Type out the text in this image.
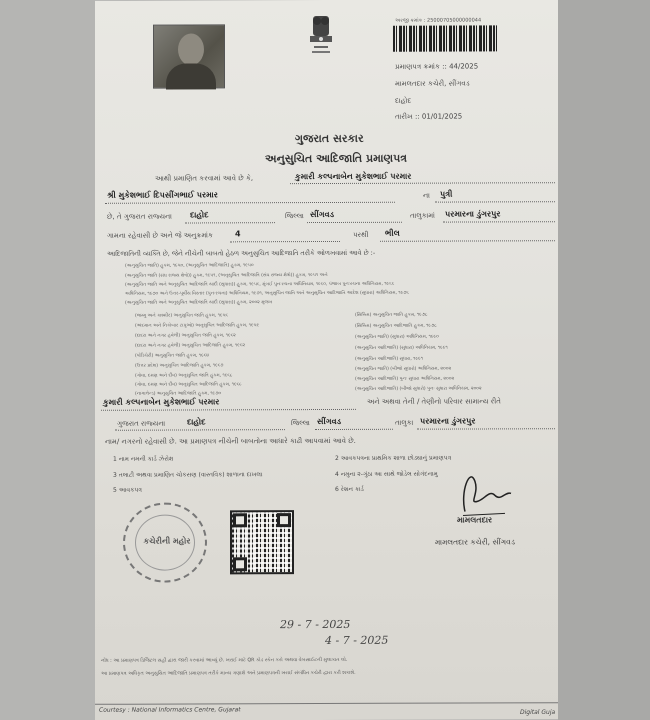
અરજી ક્રમાંક : 25000705000000044
પ્રમાણપત્ર ક્રમાંક :: 44/2025
મામલતદાર કચેરી, સીંગવડ
દાહોદ
તારીખ :: 01/01/2025
ગુજરાત સરકાર
અનુસુચિત આદિજાતિ પ્રમાણપત્ર
આથી પ્રમાણિત કરવામાં આવે છે કે,	કુમારી કલ્પનાબેન મુકેશભાઈ પરમાર
શ્રી મુકેશભાઈ દિપસીંગભાઈ પરમાર	ના પુત્રી
છે, તે ગુજરાત રાજ્યના દાહોદ	જિલ્લા સીંગવડ	તાલુકામાં પરમારના ડુંગરપુર
ગામના રહેવાસી છે અને જે અનુક્રમાંક	4	પરથી ભીલ
આદિજાતિની વ્યક્તિ છે, જેને નીચેની બાબતો હેઠળ અનુસુચિત આદિજાતિ તરીકે ઓળખવામાં આવે છે :-
(અનુસુચિત જાતિ) હુકમ, ૧૯૫૦, (અનુસુચિત આદિજાતિ) હુકમ, ૧૯૫૦
(અનુસુચિત જાતિ (સંઘ રાજ્ય ક્ષેત્રો)) હુકમ, ૧૯૫૧, (અનુસુચિત આદિજાતિ (સંઘ રાજ્ય ક્ષેત્રો)) હુકમ, ૧૯૫૧ અને
(અનુસુચિત જાતિ અને અનુસુચિત આદિજાતિ યાદી (સુધારા)) હુકમ, ૧૯૫૬, મુંબઈ પુનઃરચના અધિનિયમ, ૧૯૬૦, પંજાબ પુનઃરચના અધિનિયમ, ૧૯૬૬
અધિનિયમ, ૧૯૭૦ અને ઉત્તર-પૂર્વીય વિસ્તાર (પુનઃરચના) અધિનિયમ, ૧૯૭૧, અનુસુચિત જાતિ અને અનુસુચિત આદિજાતિ આદેશ (સુધારા) અધિનિયમ, ૧૯૭૬
(અનુસુચિત જાતિ અને અનુસુચિત આદિજાતિ યાદી (સુધારા)) હુકમ, ૨૦૦૨ મુજબ
(જમ્મુ અને કાશ્મીર) અનુસુચિત જાતિ હુકમ, ૧૯૫૬
(અંદમાન અને નિકોબાર ટાપુઓ) અનુસુચિત આદિજાતિ હુકમ, ૧૯૫૯
(દાદરા અને નગર હવેલી) અનુસુચિત જાતિ હુકમ, ૧૯૬૨
(દાદરા અને નગર હવેલી) અનુસુચિત આદિજાતિ હુકમ, ૧૯૬૨
(પોંડિચેરી) અનુસુચિત જાતિ હુકમ, ૧૯૬૪
(ઉત્તર પ્રદેશ) અનુસુચિત આદિજાતિ હુકમ, ૧૯૬૭
(ગોવા, દમણ અને દીવ) અનુસુચિત જાતિ હુકમ, ૧૯૬૮
(ગોવા, દમણ અને દીવ) અનુસુચિત આદિજાતિ હુકમ, ૧૯૬૮
(નાગાલેન્ડ) અનુસુચિત આદિજાતિ હુકમ, ૧૯૭૦
(સિક્કિમ) અનુસુચિત જાતિ હુકમ, ૧૯૭૮
(સિક્કિમ) અનુસુચિત આદિજાતિ હુકમ, ૧૯૭૮
(અનુસુચિત જાતિ) (સુધારા) અધિનિયમ, ૧૯૯૦
(અનુસુચિત આદિજાતિ) (સુધારા) અધિનિયમ, ૧૯૯૧
(અનુસુચિત આદિજાતિ) સુધારા, ૧૯૯૧
(અનુસુચિત જાતિ) (બીજો સુધારો) અધિનિયમ, ૨૦૦૨
(અનુસુચિત આદિજાતિ) પુનઃ સુધારા અધિનિયમ, ૨૦૦૨
(અનુસુચિત આદિજાતિ) (બીજો સુધારો) પુનઃ સુધારા અધિનિયમ, ૨૦૦૨
કુમારી કલ્પનાબેન મુકેશભાઈ પરમાર	અને અથવા તેની / તેણીનો પરિવાર સામાન્ય રીતે
ગુજરાત રાજ્યના	દાહોદ	જિલ્લા સીંગવડ	તાલુકા પરમારના ડુંગરપુર
નામ/ નગરનો રહેવાસી છે. આ પ્રમાણપત્ર નીચેની બાબતોના આધારે કાઢી આપવામાં આવે છે.
1 નામ નમની કાર્ડ ઝેરોક્ષ	2 આવકપત્રના પ્રાથમિક શાળા છોડ્યાનું પ્રમાણપત્ર
3 તલાટી અથવા પ્રમાણિત ચોકસણ (વાસ્તવિક) શાળાના દાખલા	4 નમુના ૨-ગુંઠા આ સાથે જોડેલ સોગંદનામુ
5 આવકપત્ર	6 રેશન કાર્ડ
કચેરીની મહોર
મામલતદાર
મામલતદાર કચેરી, સીંગવડ
29 - 7 - 2025
4 - 7 - 2025
નોંધ : આ પ્રમાણપત્ર ડિજિટલ સહી દ્વારા જારી કરવામાં આવ્યું છે. ખરાઈ માટે QR કોડ સ્કેન કરો અથવા વેબસાઈટની મુલાકાત લો.
આ પ્રમાણપત્ર અધિકૃત અનુસુચિત આદિજાતિ પ્રમાણપત્ર તરીકે માન્ય ગણાશે અને પ્રમાણપત્રની ખરાઈ સંબંધિત કચેરી દ્વારા કરી શકાશે.
Courtesy : National Informatics Centre, Gujarat	Digital Guja
